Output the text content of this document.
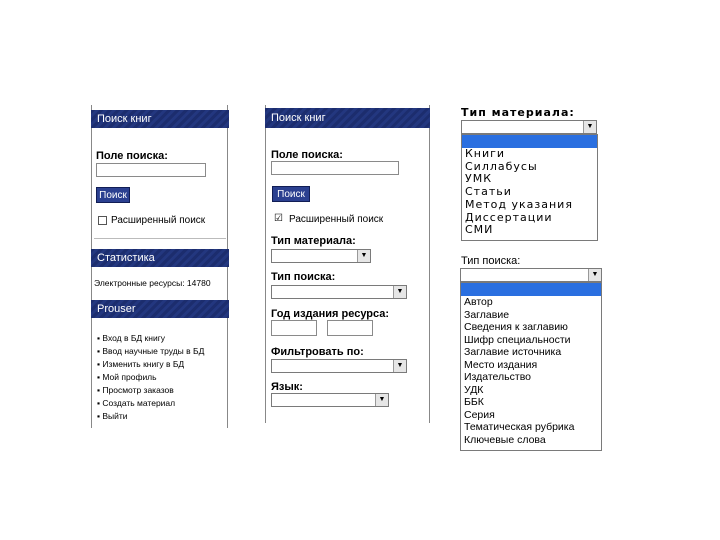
Поиск книг
Поле поиска:
Поиск
Расширенный поиск
Статистика
Электронные ресурсы: 14780
Prouser
▪ Вход в БД книгу
▪ Ввод научные труды в БД
▪ Изменить книгу в БД
▪ Мой профиль
▪ Просмотр заказов
▪ Создать материал
▪ Выйти
Поиск книг
Поле поиска:
Поиск
☑ Расширенный поиск
Тип материала:
▼
Тип поиска:
▼
Год издания ресурса:
Фильтровать по:
▼
Язык:
▼
Тип материала:
▼
Книги
Силлабусы
УМК
Статьи
Метод указания
Диссертации
СМИ
Тип поиска:
▼
Автор
Заглавие
Сведения к заглавию
Шифр специальности
Заглавие источника
Место издания
Издательство
УДК
ББК
Серия
Тематическая рубрика
Ключевые слова
